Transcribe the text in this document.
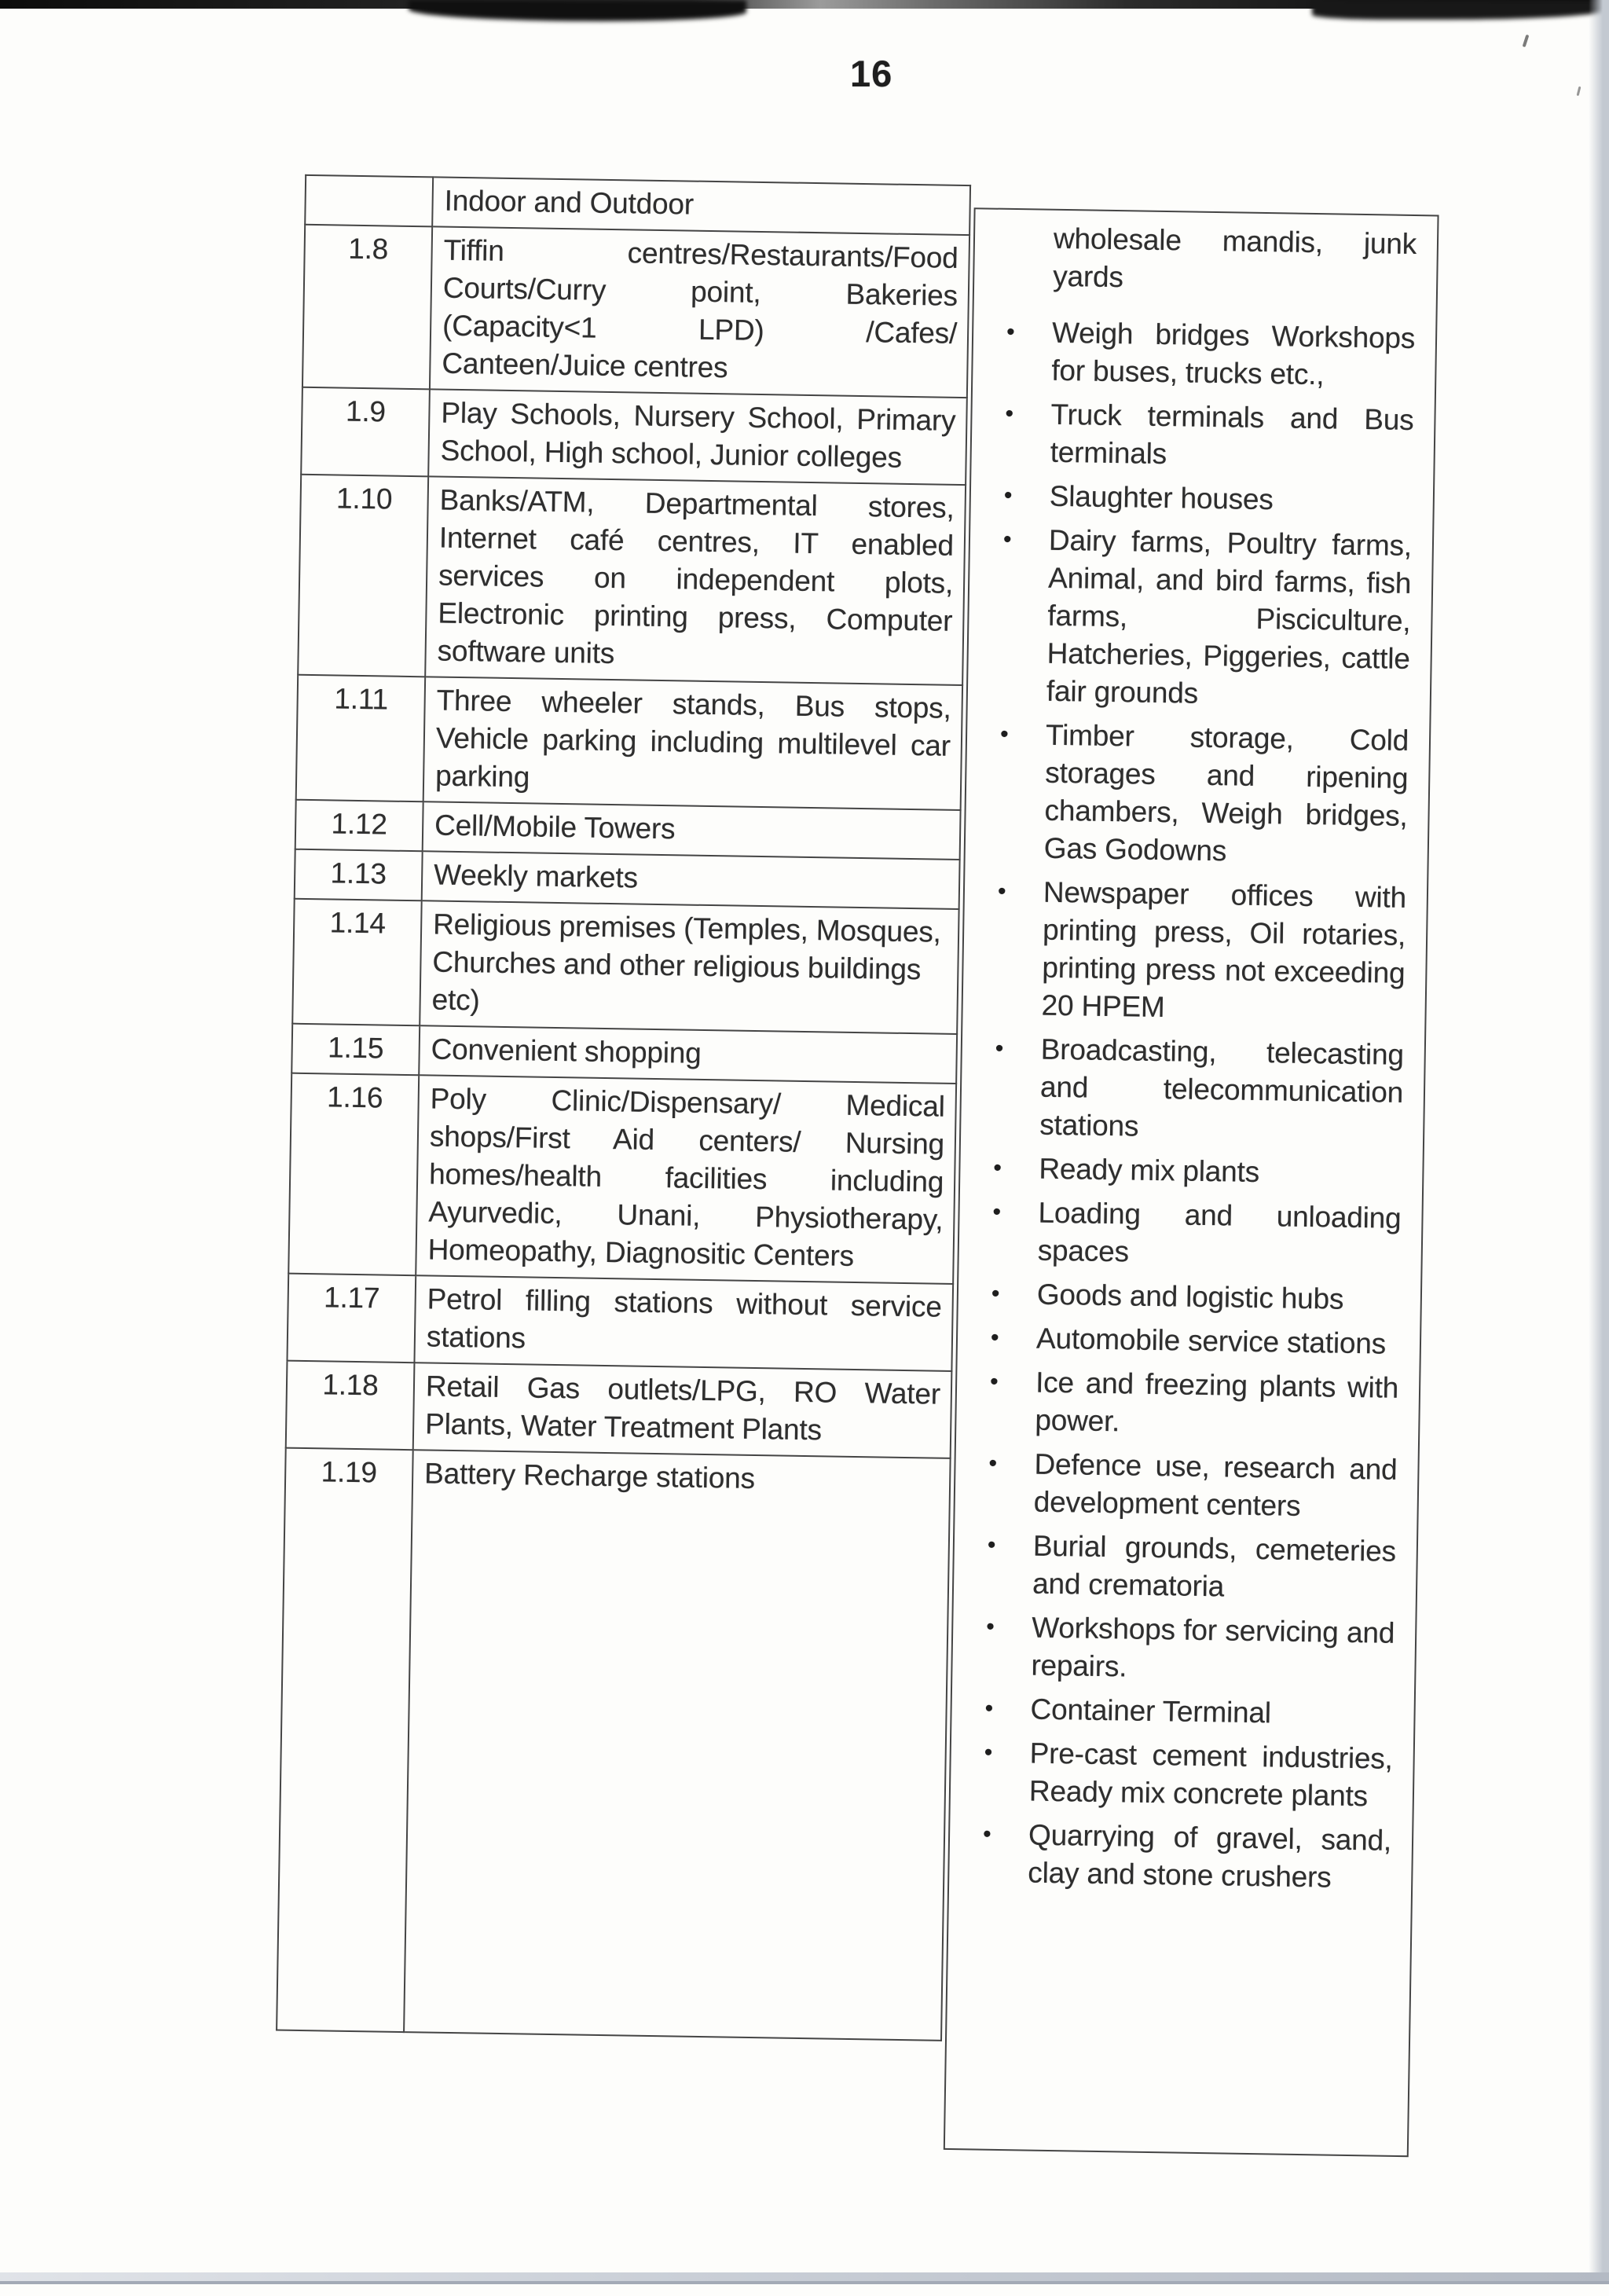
16
	Indoor and Outdoor
1.8	Tiffin centres/Restaurants/Food Courts/Curry point, Bakeries (Capacity<1 LPD) /Cafes/ Canteen/Juice centres
1.9	Play Schools, Nursery School, Primary School, High school, Junior colleges
1.10	Banks/ATM, Departmental stores, Internet café centres, IT enabled services on independent plots, Electronic printing press, Computer software units
1.11	Three wheeler stands, Bus stops, Vehicle parking including multilevel car parking
1.12	Cell/Mobile Towers
1.13	Weekly markets
1.14	Religious premises (Temples, Mosques, Churches and other religious buildings etc)
1.15	Convenient shopping
1.16	Poly Clinic/Dispensary/ Medical shops/First Aid centers/ Nursing homes/health facilities including Ayurvedic, Unani, Physiotherapy, Homeopathy, Diagnositic Centers
1.17	Petrol filling stations without service stations
1.18	Retail Gas outlets/LPG, RO Water Plants, Water Treatment Plants
1.19	Battery Recharge stations
wholesale mandis, junk yards
• Weigh bridges Workshops for buses, trucks etc.,
• Truck terminals and Bus terminals
• Slaughter houses
• Dairy farms, Poultry farms, Animal, and bird farms, fish farms, Pisciculture, Hatcheries, Piggeries, cattle fair grounds
• Timber storage, Cold storages and ripening chambers, Weigh bridges, Gas Godowns
• Newspaper offices with printing press, Oil rotaries, printing press not exceeding 20 HPEM
• Broadcasting, telecasting and telecommunication stations
• Ready mix plants
• Loading and unloading spaces
• Goods and logistic hubs
• Automobile service stations
• Ice and freezing plants with power.
• Defence use, research and development centers
• Burial grounds, cemeteries and crematoria
• Workshops for servicing and repairs.
• Container Terminal
• Pre-cast cement industries, Ready mix concrete plants
• Quarrying of gravel, sand, clay and stone crushers
